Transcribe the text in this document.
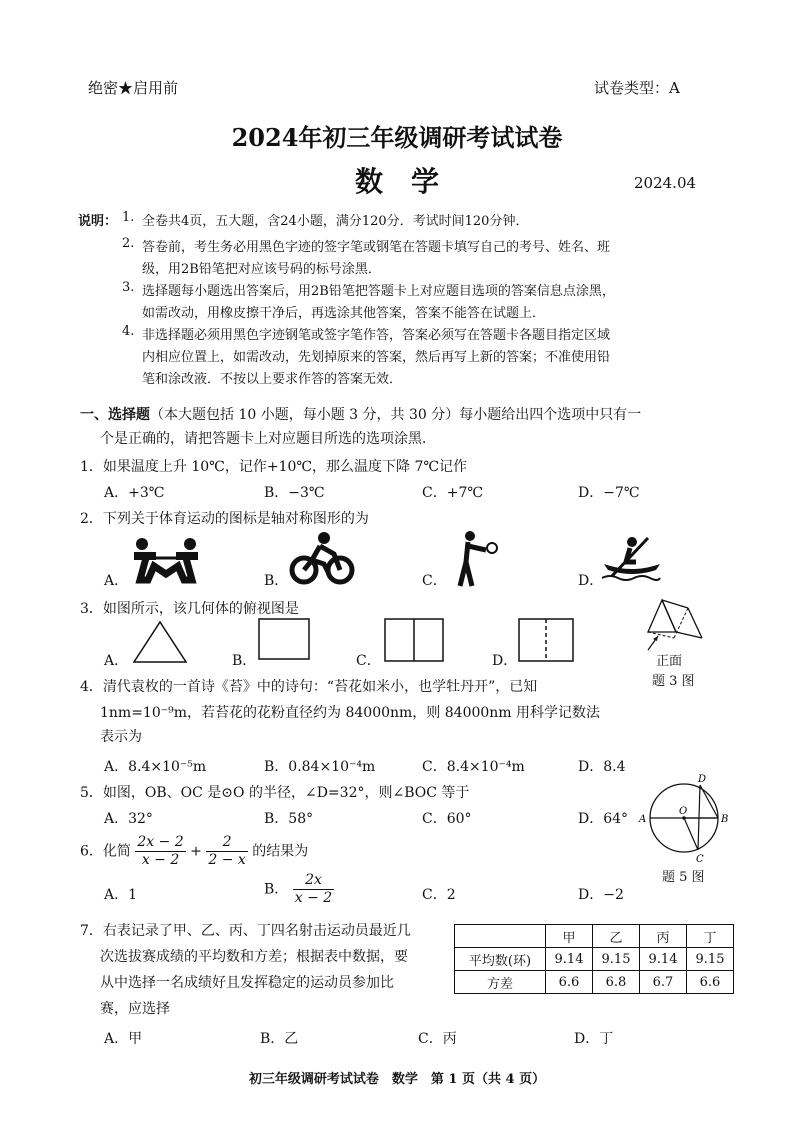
绝密★启用前	试卷类型：A
2024年初三年级调研考试试卷
数　学	2024.04
说明： 1. 全卷共4页，五大题，含24小题，满分120分．考试时间120分钟．
2. 答卷前，考生务必用黑色字迹的签字笔或钢笔在答题卡填写自己的考号、姓名、班
级，用2B铅笔把对应该号码的标号涂黑．
3. 选择题每小题选出答案后，用2B铅笔把答题卡上对应题目选项的答案信息点涂黑，
如需改动，用橡皮擦干净后，再选涂其他答案，答案不能答在试题上．
4. 非选择题必须用黑色字迹钢笔或签字笔作答，答案必须写在答题卡各题目指定区域
内相应位置上，如需改动，先划掉原来的答案，然后再写上新的答案；不准使用铅
笔和涂改液．不按以上要求作答的答案无效．
一、选择题（本大题包括 10 小题，每小题 3 分，共 30 分）每小题给出四个选项中只有一
个是正确的，请把答题卡上对应题目所选的选项涂黑．
1．如果温度上升 10℃，记作+10℃，那么温度下降 7℃记作
A．+3℃	B．−3℃	C．+7℃	D．−7℃
2．下列关于体育运动的图标是轴对称图形的为
A．	B．	C．	D．
3．如图所示，该几何体的俯视图是
A．	B．	C．	D．	正面
题 3 图
4．清代袁枚的一首诗《苔》中的诗句：“苔花如米小，也学牡丹开”，已知
1nm=10⁻⁹m，若苔花的花粉直径约为 84000nm，则 84000nm 用科学记数法
表示为
A．8.4×10⁻⁵m	B．0.84×10⁻⁴m	C．8.4×10⁻⁴m	D．8.4
5．如图，OB、OC 是⊙O 的半径，∠D=32°，则∠BOC 等于
A．32°	B．58°	C．60°	D．64°
D
A
O
B
C
题 5 图
6．化简 $\frac{2x - 2}{x - 2} + \frac{2}{2 - x}$ 的结果为
A．1	B． $\frac{2x}{x - 2}$	C．2	D．−2
7．右表记录了甲、乙、丙、丁四名射击运动员最近几
次选拔赛成绩的平均数和方差；根据表中数据，要
从中选择一名成绩好且发挥稳定的运动员参加比
赛，应选择
	甲	乙	丙	丁
平均数(环)	9.14	9.15	9.14	9.15
方差	6.6	6.8	6.7	6.6
A．甲	B．乙	C．丙	D．丁
初三年级调研考试试卷　数学　第 1 页（共 4 页）
